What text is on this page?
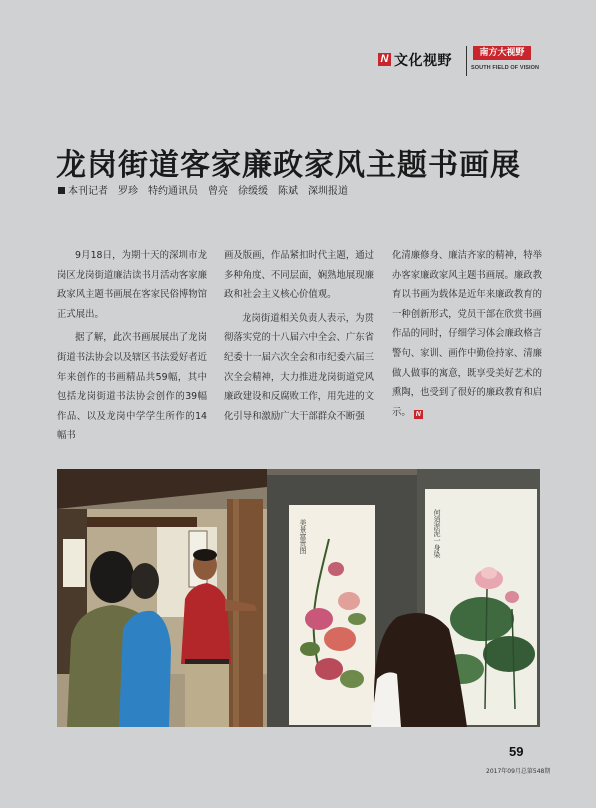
N 文化视野	南方大视野
SOUTH FIELD OF VISION
龙岗街道客家廉政家风主题书画展
本刊记者　罗珍　特约通讯员　曾亮　徐缓缓　陈斌　深圳报道

9月18日，为期十天的深圳市龙岗区龙岗街道廉洁读书月活动客家廉政家风主题书画展在客家民俗博物馆正式展出。

据了解，此次书画展展出了龙岗街道书法协会以及辖区书法爱好者近年来创作的书画精品共59幅，其中包括龙岗街道书法协会创作的39幅作品、以及龙岗中学学生所作的14幅书

画及版画，作品紧扣时代主题，通过多种角度、不同层面，娴熟地展现廉政和社会主义核心价值观。

龙岗街道相关负责人表示，为贯彻落实党的十八届六中全会、广东省纪委十一届六次全会和市纪委六届三次全会精神，大力推进龙岗街道党风廉政建设和反腐败工作，用先进的文化引导和激励广大干部群众不断强

化清廉修身、廉洁齐家的精神，特举办客家廉政家风主题书画展。廉政教育以书画为载体是近年来廉政教育的一种创新形式，党员干部在欣赏书画作品的同时，仔细学习体会廉政格言警句、家训、画作中勤俭持家、清廉做人做事的寓意，既享受美好艺术的熏陶，也受到了很好的廉政教育和启示。 N

美景富贵图	何須淤泥一身染
59
2017年09月总第548期
